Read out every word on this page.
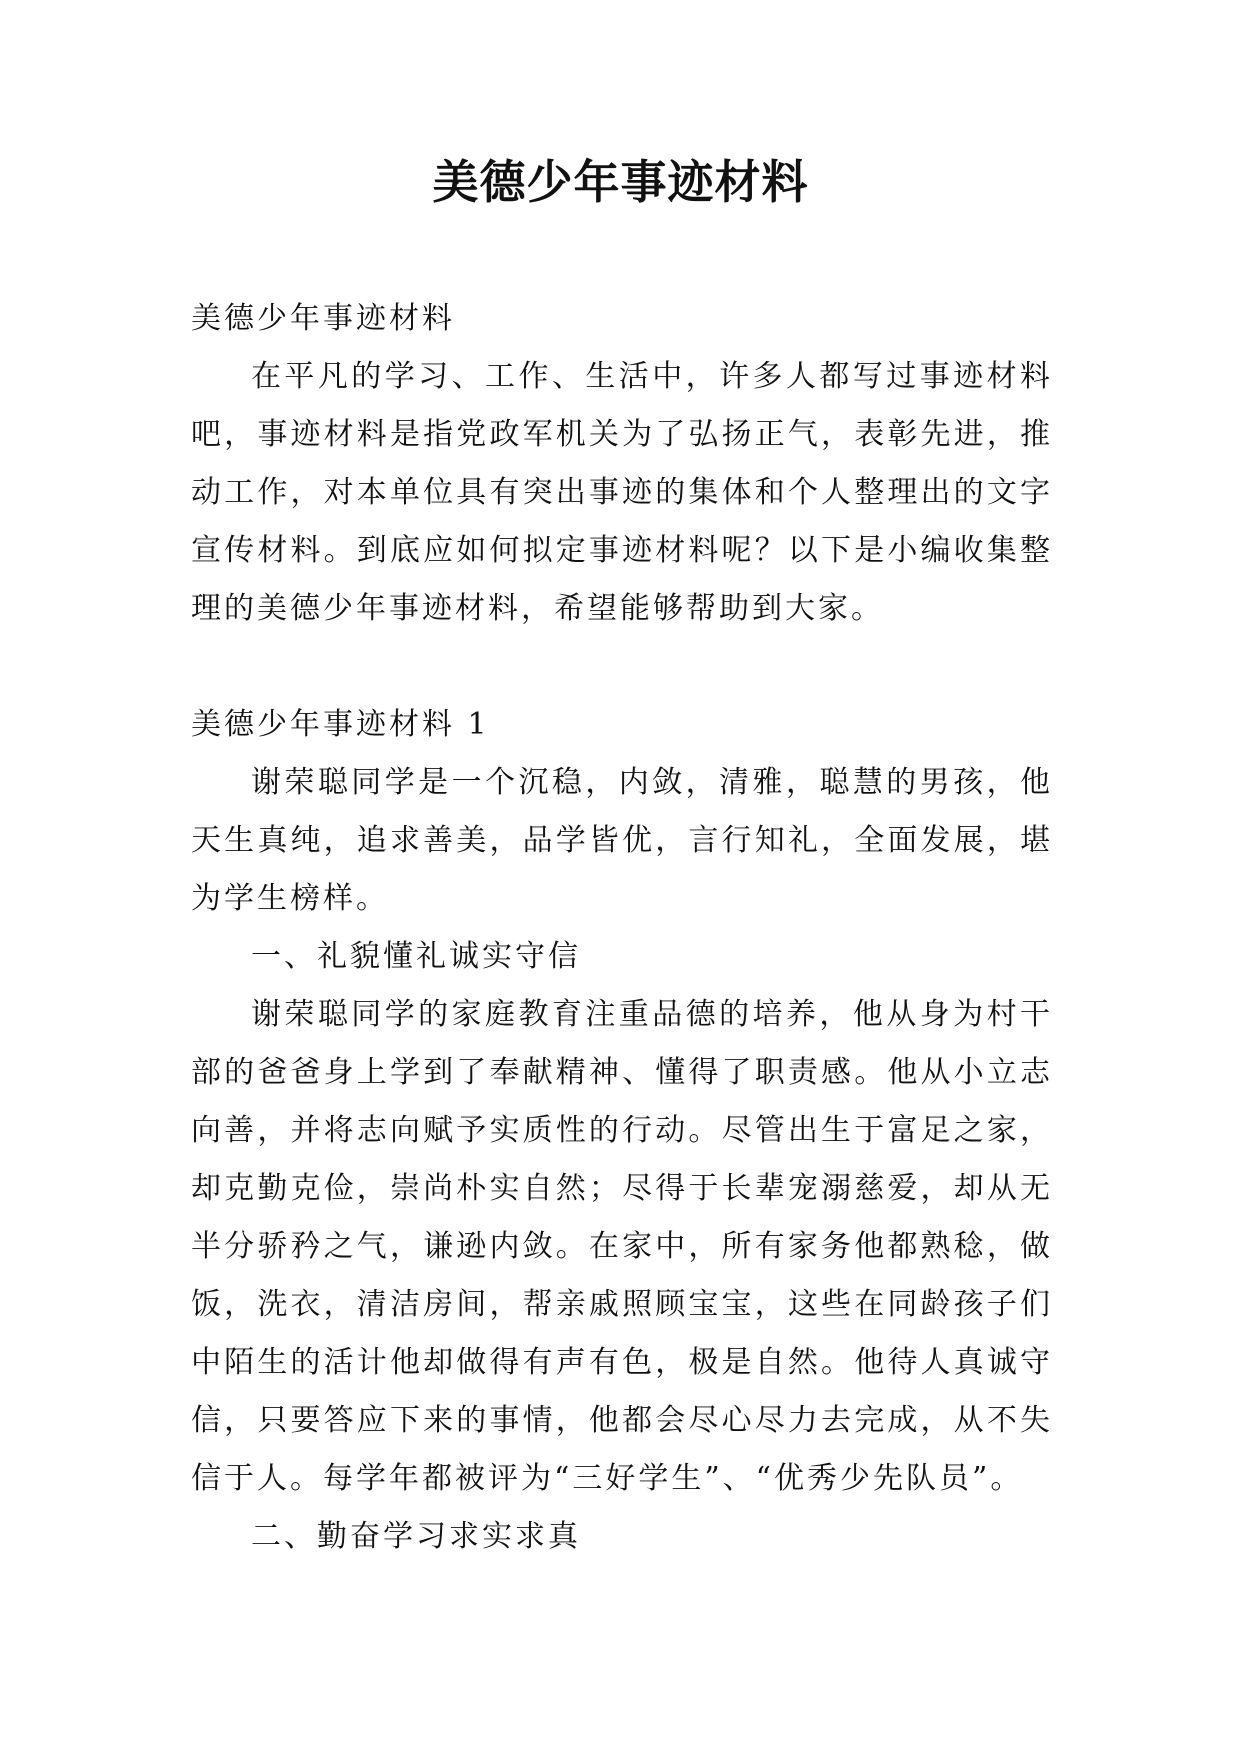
美德少年事迹材料

美德少年事迹材料

在平凡的学习、工作、生活中，许多人都写过事迹材料吧，事迹材料是指党政军机关为了弘扬正气，表彰先进，推动工作，对本单位具有突出事迹的集体和个人整理出的文字宣传材料。到底应如何拟定事迹材料呢？以下是小编收集整理的美德少年事迹材料，希望能够帮助到大家。

美德少年事迹材料 1

谢荣聪同学是一个沉稳，内敛，清雅，聪慧的男孩，他天生真纯，追求善美，品学皆优，言行知礼，全面发展，堪为学生榜样。

一、礼貌懂礼诚实守信

谢荣聪同学的家庭教育注重品德的培养，他从身为村干部的爸爸身上学到了奉献精神、懂得了职责感。他从小立志向善，并将志向赋予实质性的行动。尽管出生于富足之家，却克勤克俭，崇尚朴实自然；尽得于长辈宠溺慈爱，却从无半分骄矜之气，谦逊内敛。在家中，所有家务他都熟稔，做饭，洗衣，清洁房间，帮亲戚照顾宝宝，这些在同龄孩子们中陌生的活计他却做得有声有色，极是自然。他待人真诚守信，只要答应下来的事情，他都会尽心尽力去完成，从不失信于人。每学年都被评为“三好学生”、“优秀少先队员”。

二、勤奋学习求实求真
